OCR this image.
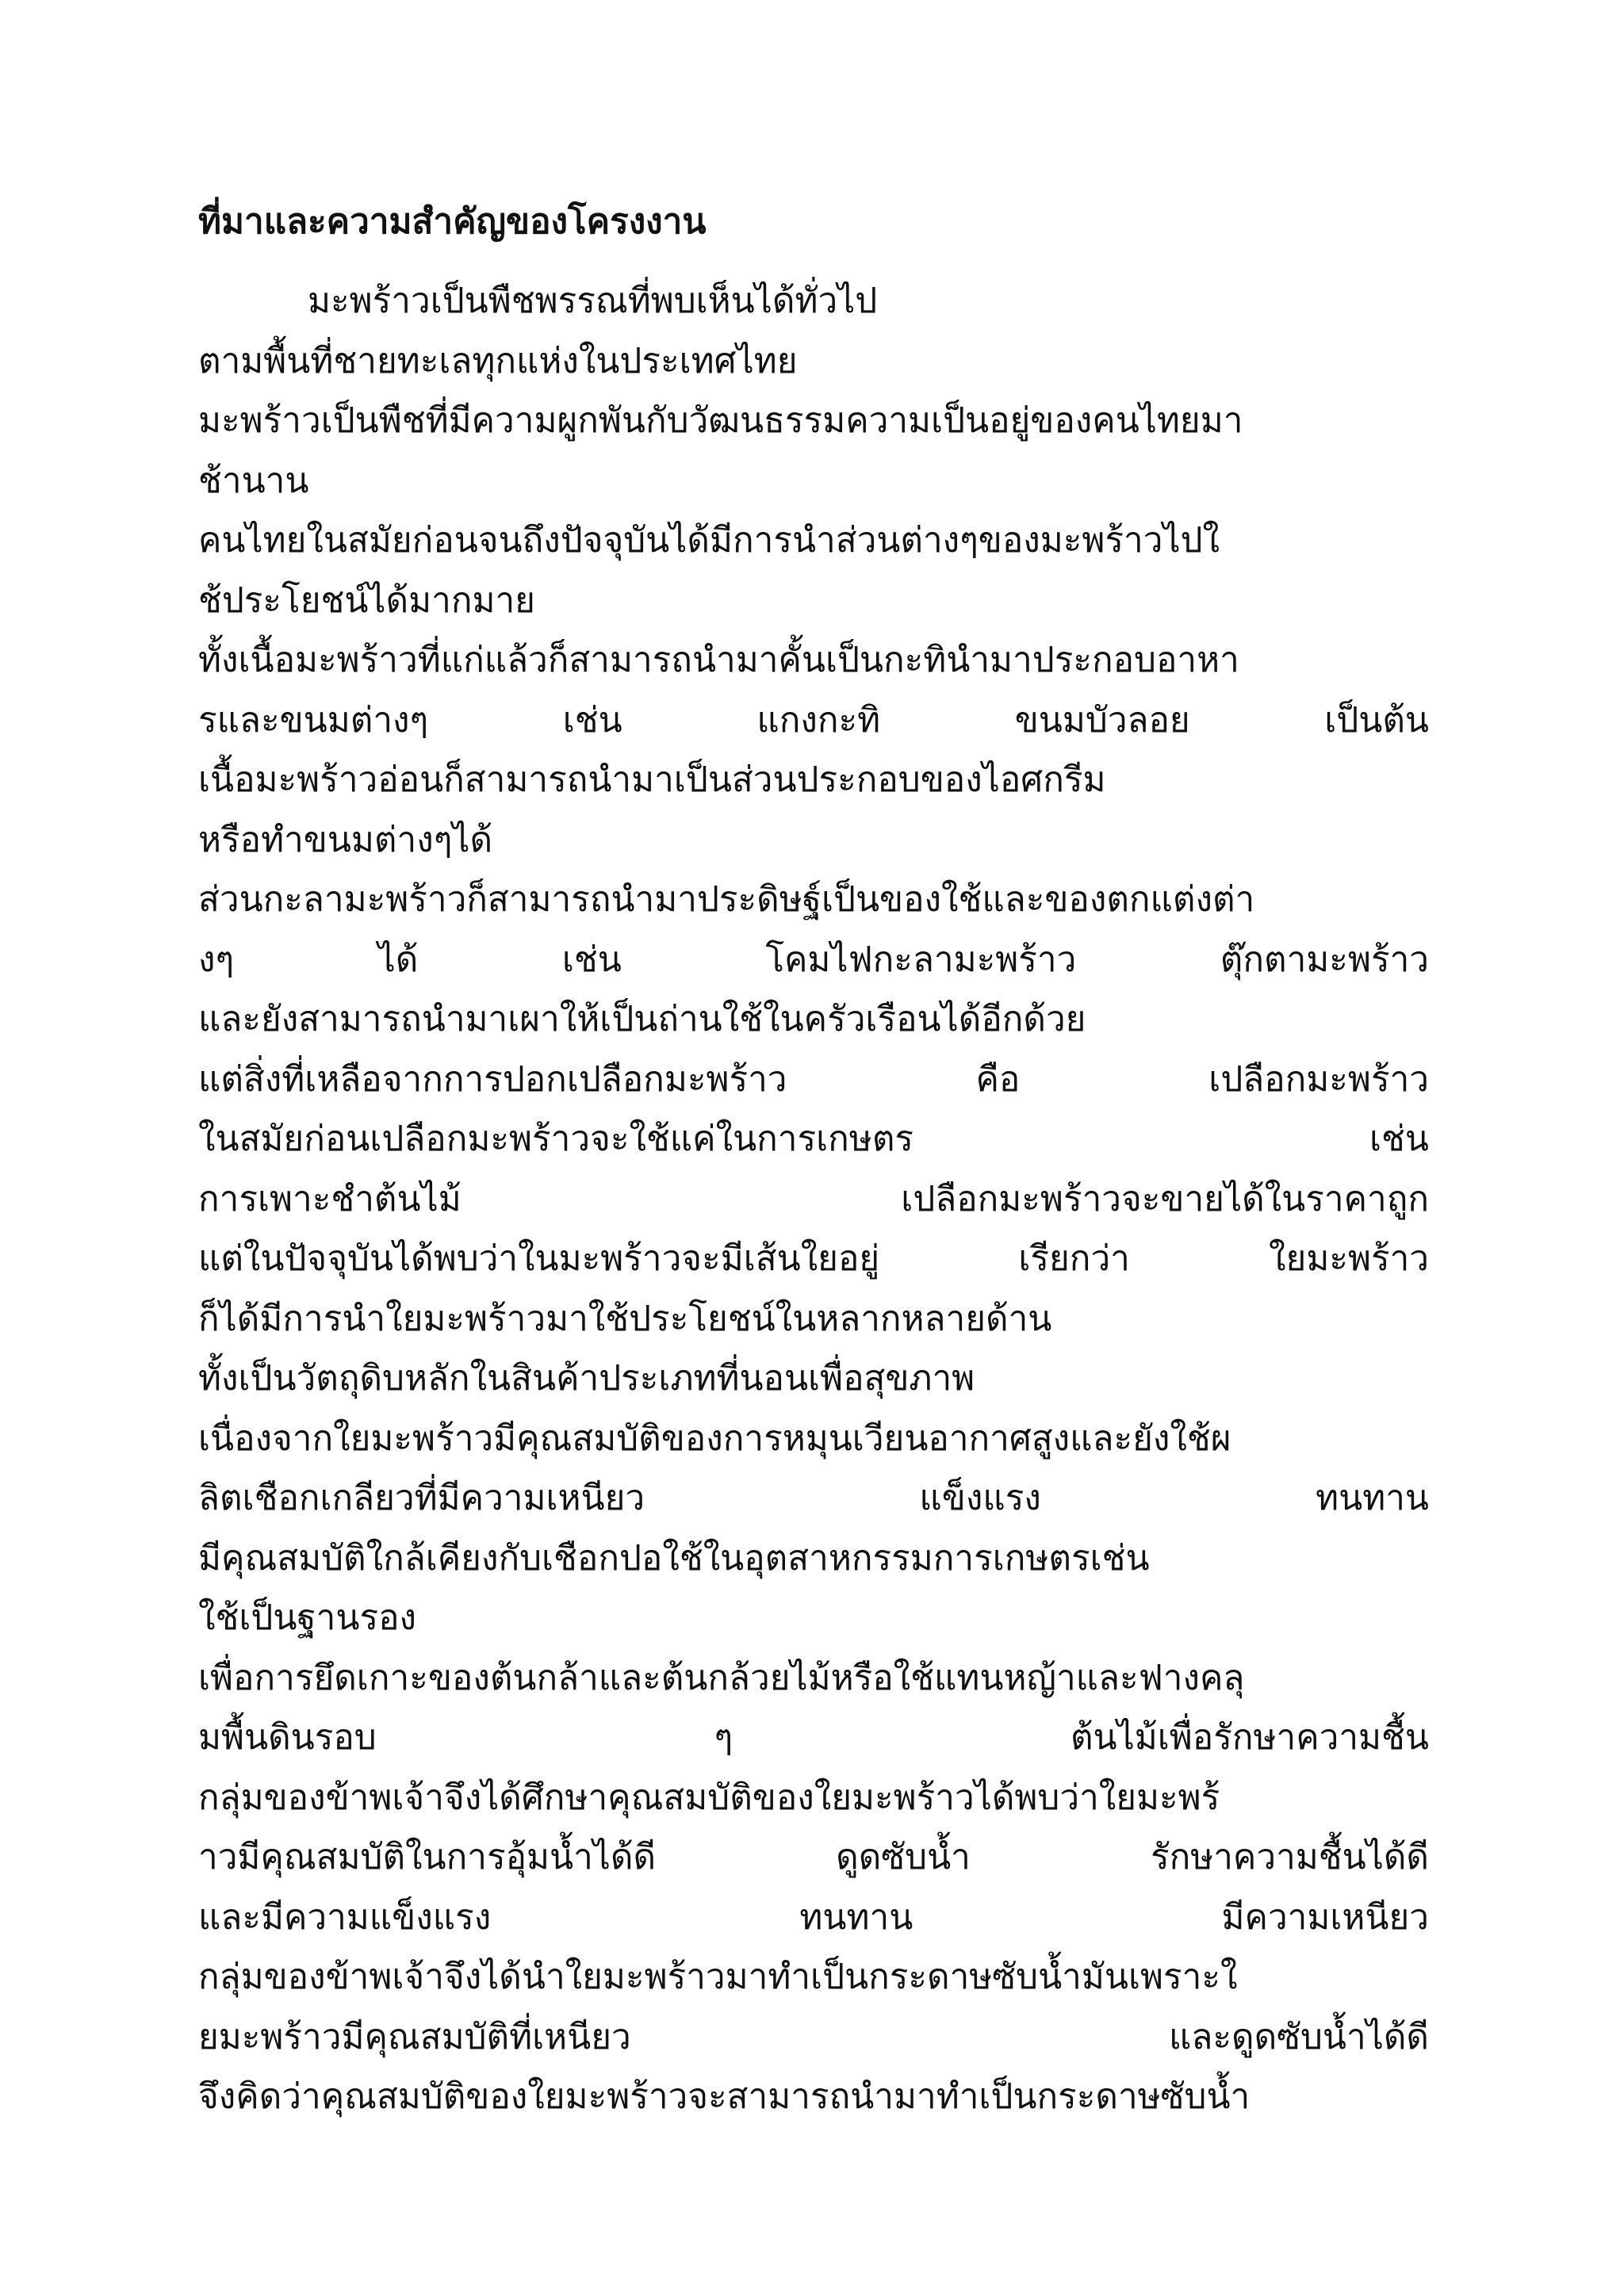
ที่มาและความสำคัญของโครงงาน
มะพร้าวเป็นพืชพรรณที่พบเห็นได้ทั่วไป
ตามพื้นที่ชายทะเลทุกแห่งในประเทศไทย
มะพร้าวเป็นพืชที่มีความผูกพันกับวัฒนธรรมความเป็นอยู่ของคนไทยมา
ช้านาน
คนไทยในสมัยก่อนจนถึงปัจจุบันได้มีการนำส่วนต่างๆของมะพร้าวไปใ
ช้ประโยชน์ได้มากมาย
ทั้งเนื้อมะพร้าวที่แก่แล้วก็สามารถนำมาคั้นเป็นกะทินำมาประกอบอาหา
รและขนมต่างๆ เช่น แกงกะทิ ขนมบัวลอย เป็นต้น
เนื้อมะพร้าวอ่อนก็สามารถนำมาเป็นส่วนประกอบของไอศกรีม
หรือทำขนมต่างๆได้
ส่วนกะลามะพร้าวก็สามารถนำมาประดิษฐ์เป็นของใช้และของตกแต่งต่า
งๆ ได้ เช่น โคมไฟกะลามะพร้าว ตุ๊กตามะพร้าว
และยังสามารถนำมาเผาให้เป็นถ่านใช้ในครัวเรือนได้อีกด้วย
แต่สิ่งที่เหลือจากการปอกเปลือกมะพร้าว คือ เปลือกมะพร้าว
ในสมัยก่อนเปลือกมะพร้าวจะใช้แค่ในการเกษตร เช่น
การเพาะชำต้นไม้ เปลือกมะพร้าวจะขายได้ในราคาถูก
แต่ในปัจจุบันได้พบว่าในมะพร้าวจะมีเส้นใยอยู่ เรียกว่า ใยมะพร้าว
ก็ได้มีการนำใยมะพร้าวมาใช้ประโยชน์ในหลากหลายด้าน
ทั้งเป็นวัตถุดิบหลักในสินค้าประเภทที่นอนเพื่อสุขภาพ
เนื่องจากใยมะพร้าวมีคุณสมบัติของการหมุนเวียนอากาศสูงและยังใช้ผ
ลิตเชือกเกลียวที่มีความเหนียว แข็งแรง ทนทาน
มีคุณสมบัติใกล้เคียงกับเชือกปอใช้ในอุตสาหกรรมการเกษตรเช่น
ใช้เป็นฐานรอง
เพื่อการยึดเกาะของต้นกล้าและต้นกล้วยไม้หรือใช้แทนหญ้าและฟางคลุ
มพื้นดินรอบ ๆ ต้นไม้เพื่อรักษาความชื้น
กลุ่มของข้าพเจ้าจึงได้ศึกษาคุณสมบัติของใยมะพร้าวได้พบว่าใยมะพร้
าวมีคุณสมบัติในการอุ้มน้ำได้ดี ดูดซับน้ำ รักษาความชื้นได้ดี
และมีความแข็งแรง ทนทาน มีความเหนียว
กลุ่มของข้าพเจ้าจึงได้นำใยมะพร้าวมาทำเป็นกระดาษซับน้ำมันเพราะใ
ยมะพร้าวมีคุณสมบัติที่เหนียว และดูดซับน้ำได้ดี
จึงคิดว่าคุณสมบัติของใยมะพร้าวจะสามารถนำมาทำเป็นกระดาษซับน้ำ
